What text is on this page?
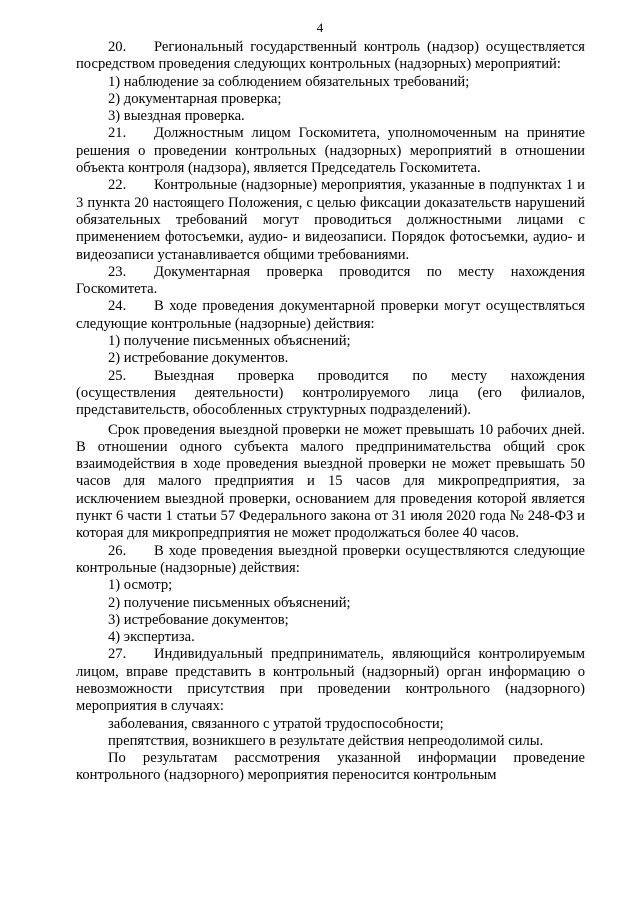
4

20. Региональный государственный контроль (надзор) осуществляется посредством проведения следующих контрольных (надзорных) мероприятий:

1) наблюдение за соблюдением обязательных требований;

2) документарная проверка;

3) выездная проверка.

21. Должностным лицом Госкомитета, уполномоченным на принятие решения о проведении контрольных (надзорных) мероприятий в отношении объекта контроля (надзора), является Председатель Госкомитета.

22. Контрольные (надзорные) мероприятия, указанные в подпунктах 1 и 3 пункта 20 настоящего Положения, с целью фиксации доказательств нарушений обязательных требований могут проводиться должностными лицами с применением фотосъемки, аудио- и видеозаписи. Порядок фотосъемки, аудио- и видеозаписи устанавливается общими требованиями.

23. Документарная проверка проводится по месту нахождения Госкомитета.

24. В ходе проведения документарной проверки могут осуществляться следующие контрольные (надзорные) действия:

1) получение письменных объяснений;

2) истребование документов.

25. Выездная проверка проводится по месту нахождения (осуществления деятельности) контролируемого лица (его филиалов, представительств, обособленных структурных подразделений).

Срок проведения выездной проверки не может превышать 10 рабочих дней. В отношении одного субъекта малого предпринимательства общий срок взаимодействия в ходе проведения выездной проверки не может превышать 50 часов для малого предприятия и 15 часов для микропредприятия, за исключением выездной проверки, основанием для проведения которой является пункт 6 части 1 статьи 57 Федерального закона от 31 июля 2020 года № 248-ФЗ и которая для микропредприятия не может продолжаться более 40 часов.

26. В ходе проведения выездной проверки осуществляются следующие контрольные (надзорные) действия:

1) осмотр;

2) получение письменных объяснений;

3) истребование документов;

4) экспертиза.

27. Индивидуальный предприниматель, являющийся контролируемым лицом, вправе представить в контрольный (надзорный) орган информацию о невозможности присутствия при проведении контрольного (надзорного) мероприятия в случаях:

заболевания, связанного с утратой трудоспособности;

препятствия, возникшего в результате действия непреодолимой силы.

По результатам рассмотрения указанной информации проведение контрольного (надзорного) мероприятия переносится контрольным
